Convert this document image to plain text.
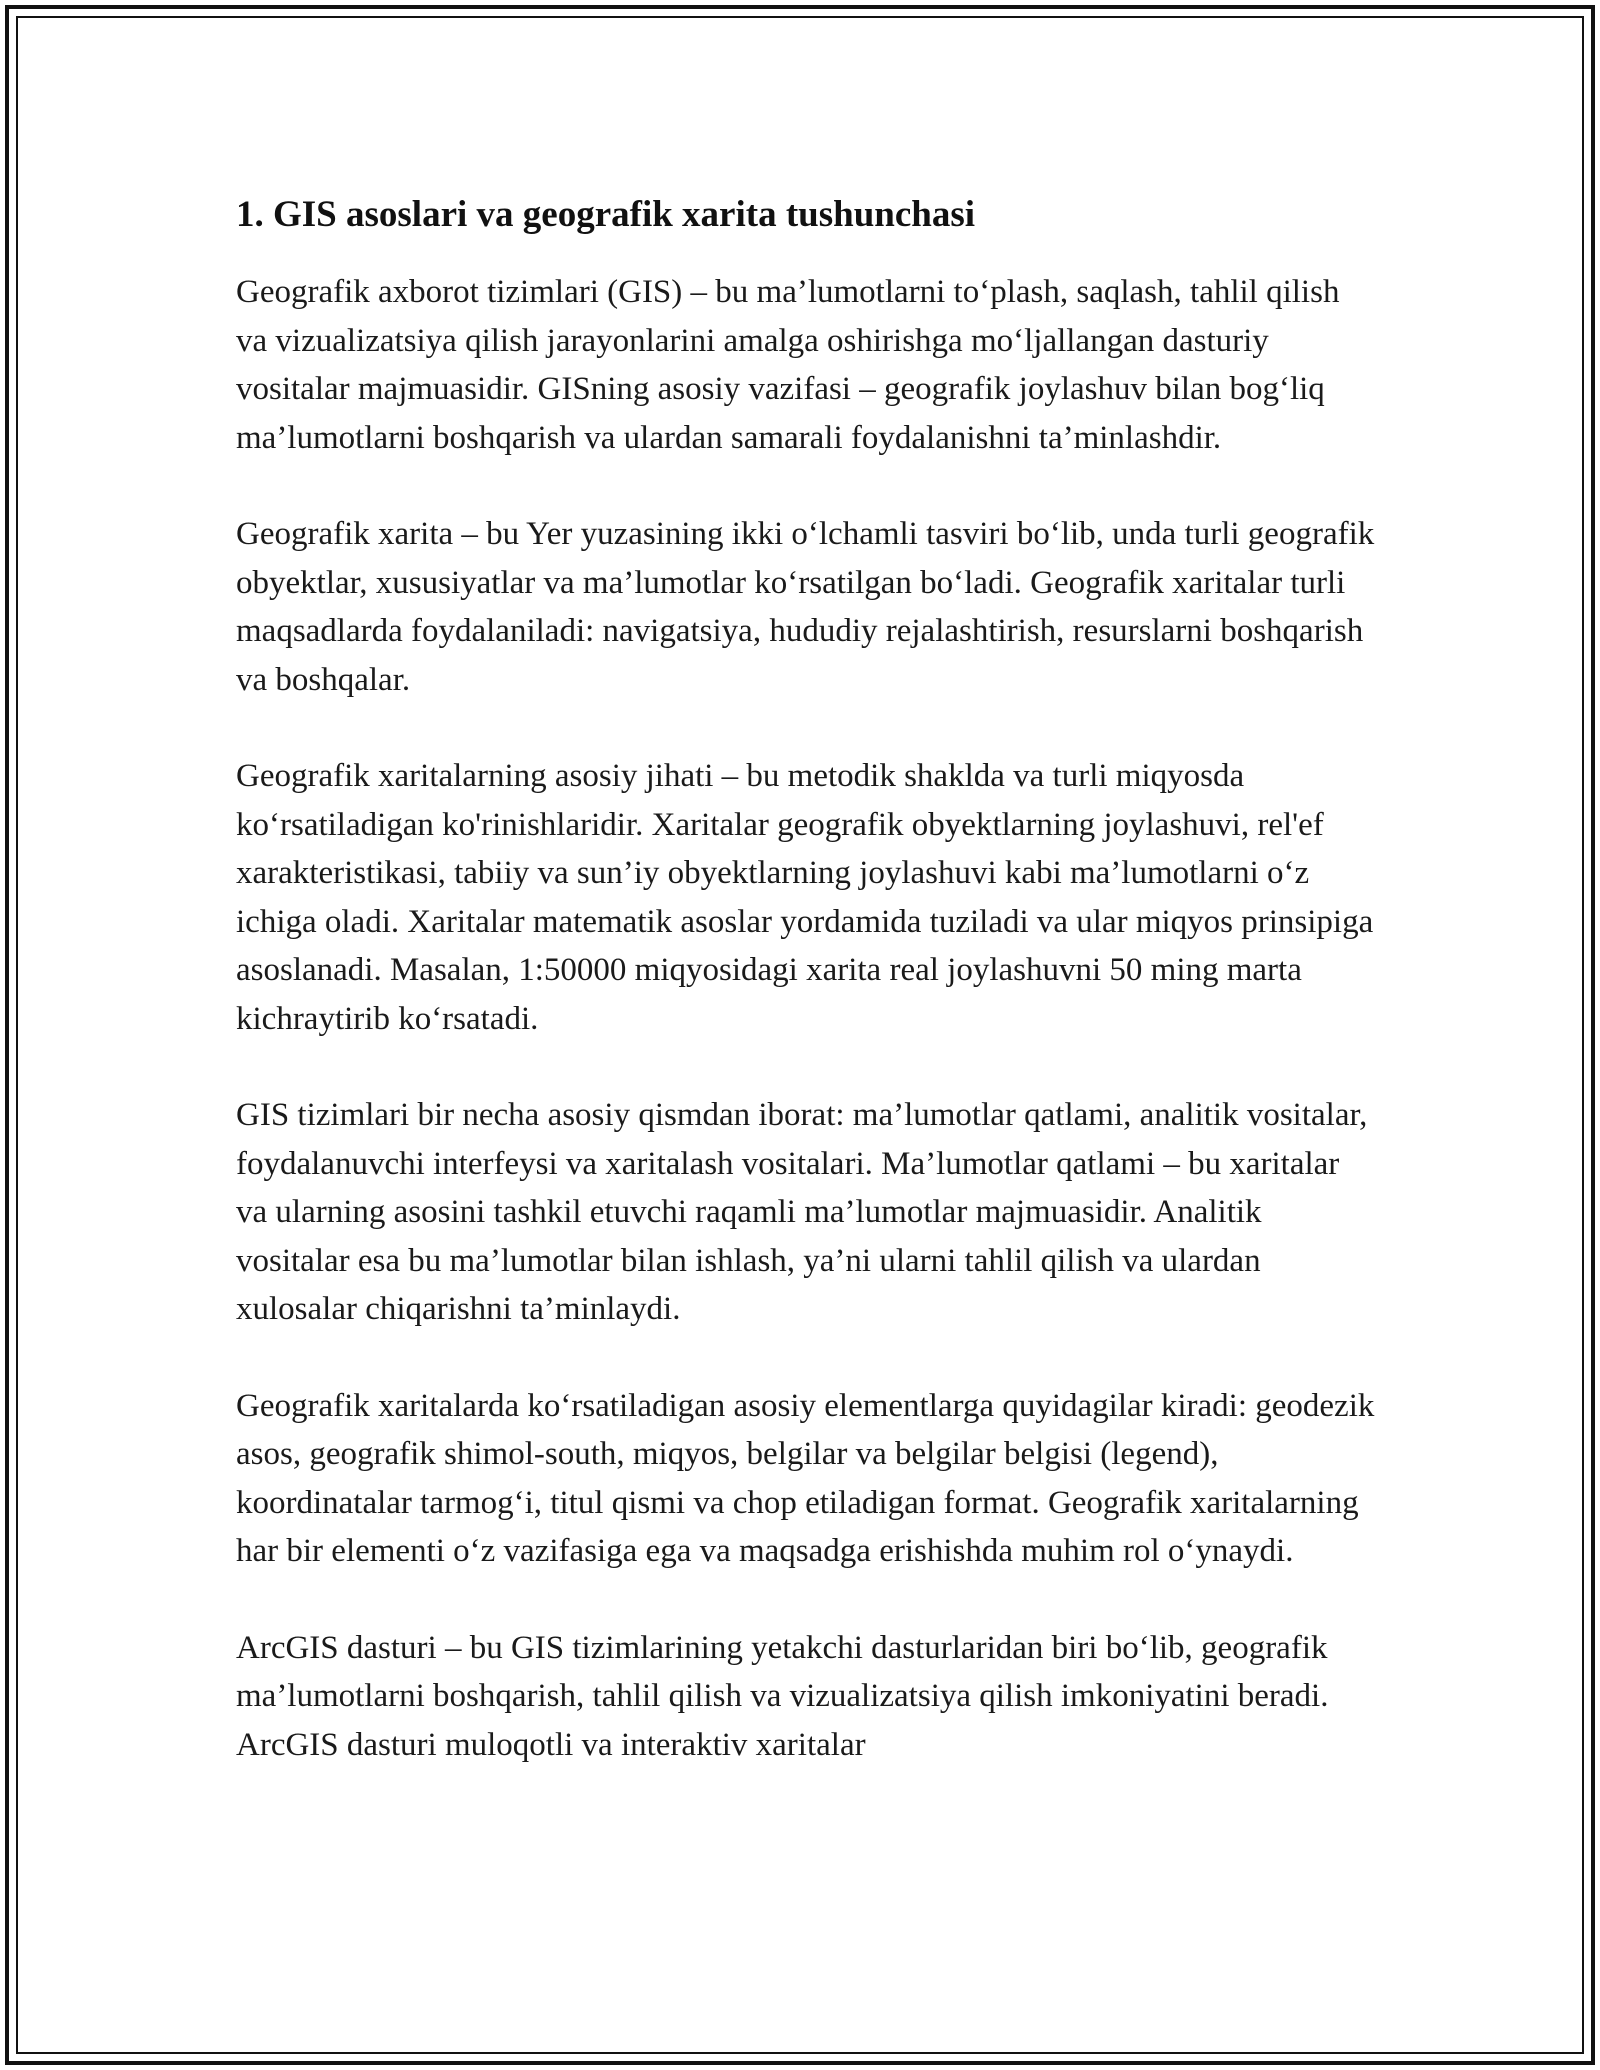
1. GIS asoslari va geografik xarita tushunchasi

Geografik axborot tizimlari (GIS) – bu ma’lumotlarni to‘plash, saqlash, tahlil qilish va vizualizatsiya qilish jarayonlarini amalga oshirishga mo‘ljallangan dasturiy vositalar majmuasidir. GISning asosiy vazifasi – geografik joylashuv bilan bog‘liq ma’lumotlarni boshqarish va ulardan samarali foydalanishni ta’minlashdir.

Geografik xarita – bu Yer yuzasining ikki o‘lchamli tasviri bo‘lib, unda turli geografik obyektlar, xususiyatlar va ma’lumotlar ko‘rsatilgan bo‘ladi. Geografik xaritalar turli maqsadlarda foydalaniladi: navigatsiya, hududiy rejalashtirish, resurslarni boshqarish va boshqalar.

Geografik xaritalarning asosiy jihati – bu metodik shaklda va turli miqyosda ko‘rsatiladigan ko'rinishlaridir. Xaritalar geografik obyektlarning joylashuvi, rel'ef xarakteristikasi, tabiiy va sun’iy obyektlarning joylashuvi kabi ma’lumotlarni o‘z ichiga oladi. Xaritalar matematik asoslar yordamida tuziladi va ular miqyos prinsipiga asoslanadi. Masalan, 1:50000 miqyosidagi xarita real joylashuvni 50 ming marta kichraytirib ko‘rsatadi.

GIS tizimlari bir necha asosiy qismdan iborat: ma’lumotlar qatlami, analitik vositalar, foydalanuvchi interfeysi va xaritalash vositalari. Ma’lumotlar qatlami – bu xaritalar va ularning asosini tashkil etuvchi raqamli ma’lumotlar majmuasidir. Analitik vositalar esa bu ma’lumotlar bilan ishlash, ya’ni ularni tahlil qilish va ulardan xulosalar chiqarishni ta’minlaydi.

Geografik xaritalarda ko‘rsatiladigan asosiy elementlarga quyidagilar kiradi: geodezik asos, geografik shimol-south, miqyos, belgilar va belgilar belgisi (legend), koordinatalar tarmog‘i, titul qismi va chop etiladigan format. Geografik xaritalarning har bir elementi o‘z vazifasiga ega va maqsadga erishishda muhim rol o‘ynaydi.

ArcGIS dasturi – bu GIS tizimlarining yetakchi dasturlaridan biri bo‘lib, geografik ma’lumotlarni boshqarish, tahlil qilish va vizualizatsiya qilish imkoniyatini beradi. ArcGIS dasturi muloqotli va interaktiv xaritalar
